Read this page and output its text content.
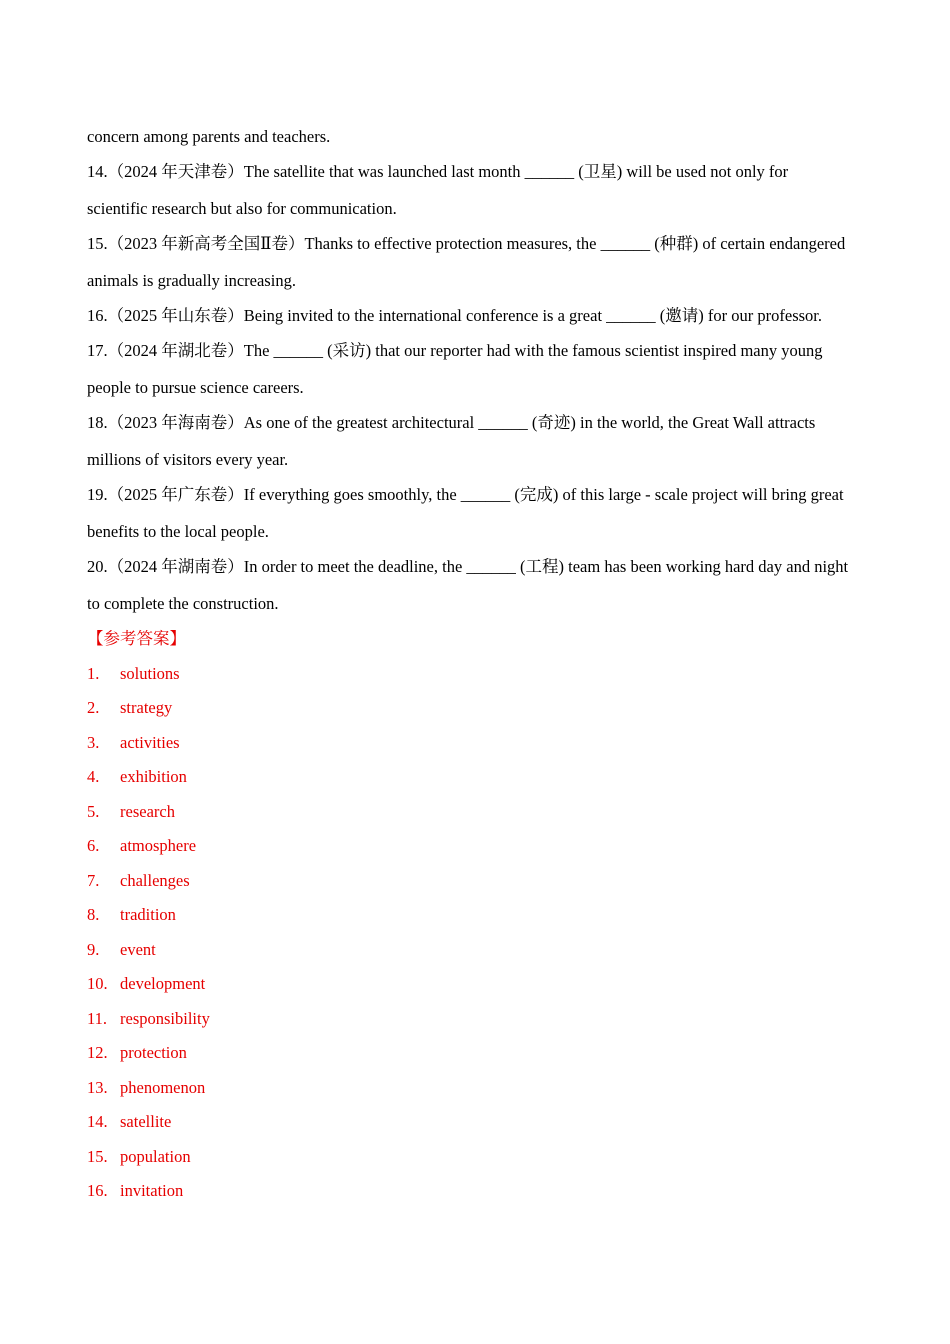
concern among parents and teachers.
14.（2024 年天津卷）The satellite that was launched last month ______ (卫星) will be used not only for
scientific research but also for communication.
15.（2023 年新高考全国Ⅱ卷）Thanks to effective protection measures, the ______ (种群) of certain endangered
animals is gradually increasing.
16.（2025 年山东卷）Being invited to the international conference is a great ______ (邀请) for our professor.
17.（2024 年湖北卷）The ______ (采访) that our reporter had with the famous scientist inspired many young
people to pursue science careers.
18.（2023 年海南卷）As one of the greatest architectural ______ (奇迹) in the world, the Great Wall attracts
millions of visitors every year.
19.（2025 年广东卷）If everything goes smoothly, the ______ (完成) of this large - scale project will bring great
benefits to the local people.
20.（2024 年湖南卷）In order to meet the deadline, the ______ (工程) team has been working hard day and night
to complete the construction.
【参考答案】
1. solutions
2. strategy
3. activities
4. exhibition
5. research
6. atmosphere
7. challenges
8. tradition
9. event
10. development
11. responsibility
12. protection
13. phenomenon
14. satellite
15. population
16. invitation
